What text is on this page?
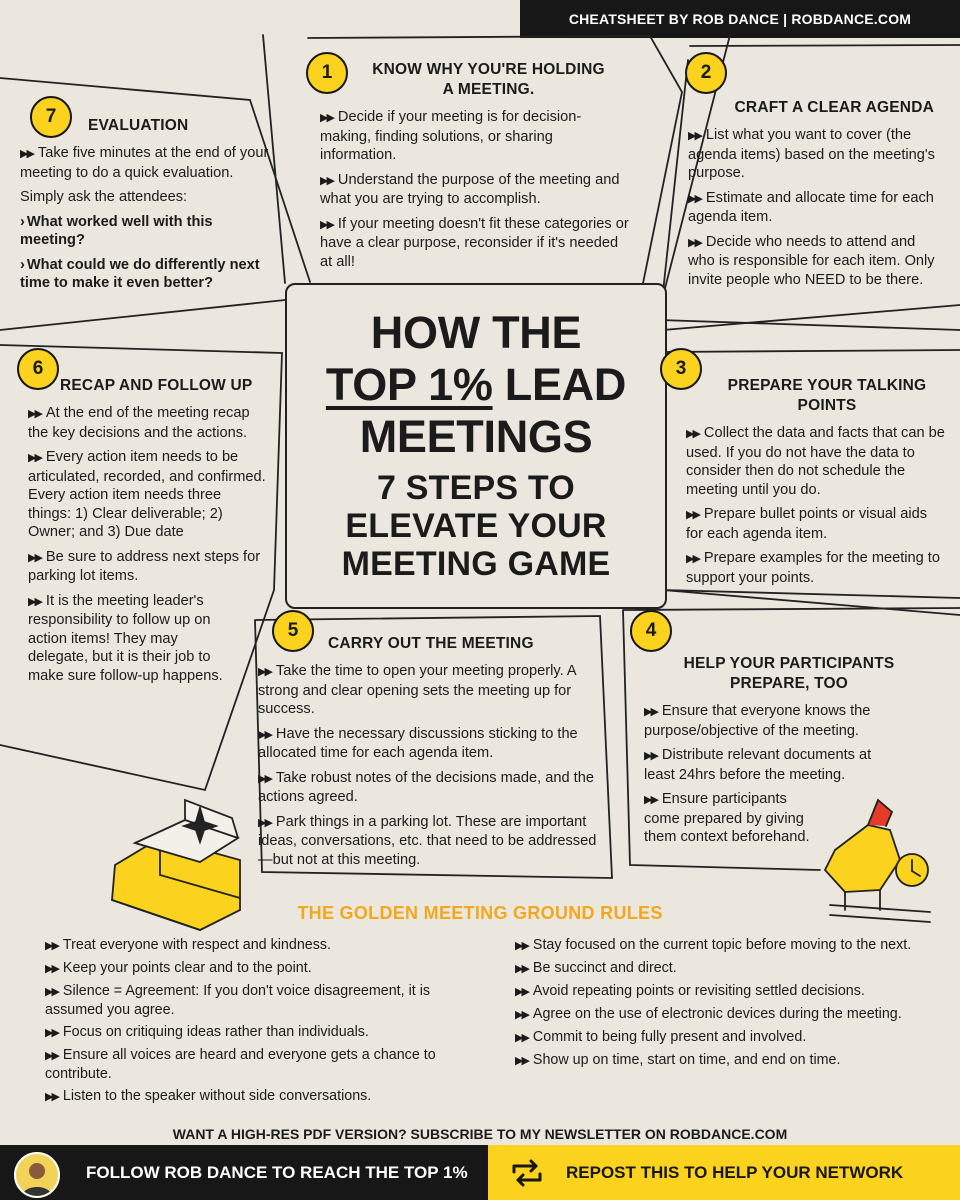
CHEATSHEET BY ROB DANCE | ROBDANCE.COM
1	KNOW WHY YOU'RE HOLDING
A MEETING.

▶▶ Decide if your meeting is for decision-making, finding solutions, or sharing information.

▶▶ Understand the purpose of the meeting and what you are trying to accomplish.

▶▶ If your meeting doesn't fit these categories or have a clear purpose, reconsider if it's needed at all!

2
CRAFT A CLEAR AGENDA

▶▶ List what you want to cover (the agenda items) based on the meeting's purpose.

▶▶ Estimate and allocate time for each agenda item.

▶▶ Decide who needs to attend and who is responsible for each item. Only invite people who NEED to be there.

7	EVALUATION

▶▶ Take five minutes at the end of your meeting to do a quick evaluation.

Simply ask the attendees:

› What worked well with this meeting?

› What could we do differently next time to make it even better?

HOW THE
TOP 1% LEAD
MEETINGS
7 STEPS TO
ELEVATE YOUR
MEETING GAME
6
RECAP AND FOLLOW UP

▶▶ At the end of the meeting recap the key decisions and the actions.

▶▶ Every action item needs to be articulated, recorded, and confirmed. Every action item needs three things: 1) Clear deliverable; 2) Owner; and 3) Due date

▶▶ Be sure to address next steps for parking lot items.

▶▶ It is the meeting leader's responsibility to follow up on action items! They may delegate, but it is their job to make sure follow-up happens.

3
PREPARE YOUR TALKING
POINTS

▶▶ Collect the data and facts that can be used. If you do not have the data to consider then do not schedule the meeting until you do.

▶▶ Prepare bullet points or visual aids for each agenda item.

▶▶ Prepare examples for the meeting to support your points.

5
CARRY OUT THE MEETING

▶▶ Take the time to open your meeting properly. A strong and clear opening sets the meeting up for success.

▶▶ Have the necessary discussions sticking to the allocated time for each agenda item.

▶▶ Take robust notes of the decisions made, and the actions agreed.

▶▶ Park things in a parking lot. These are important ideas, conversations, etc. that need to be addressed—but not at this meeting.

4
HELP YOUR PARTICIPANTS
PREPARE, TOO

▶▶ Ensure that everyone knows the purpose/objective of the meeting.

▶▶ Distribute relevant documents at least 24hrs before the meeting.

▶▶ Ensure participants come prepared by giving them context beforehand.

THE GOLDEN MEETING GROUND RULES

▶▶ Treat everyone with respect and kindness.

▶▶ Keep your points clear and to the point.

▶▶ Silence = Agreement: If you don't voice disagreement, it is assumed you agree.

▶▶ Focus on critiquing ideas rather than individuals.

▶▶ Ensure all voices are heard and everyone gets a chance to contribute.

▶▶ Listen to the speaker without side conversations.

▶▶ Stay focused on the current topic before moving to the next.

▶▶ Be succinct and direct.

▶▶ Avoid repeating points or revisiting settled decisions.

▶▶ Agree on the use of electronic devices during the meeting.

▶▶ Commit to being fully present and involved.

▶▶ Show up on time, start on time, and end on time.

WANT A HIGH-RES PDF VERSION? SUBSCRIBE TO MY NEWSLETTER ON ROBDANCE.COM
FOLLOW ROB DANCE TO REACH THE TOP 1%	REPOST THIS TO HELP YOUR NETWORK
